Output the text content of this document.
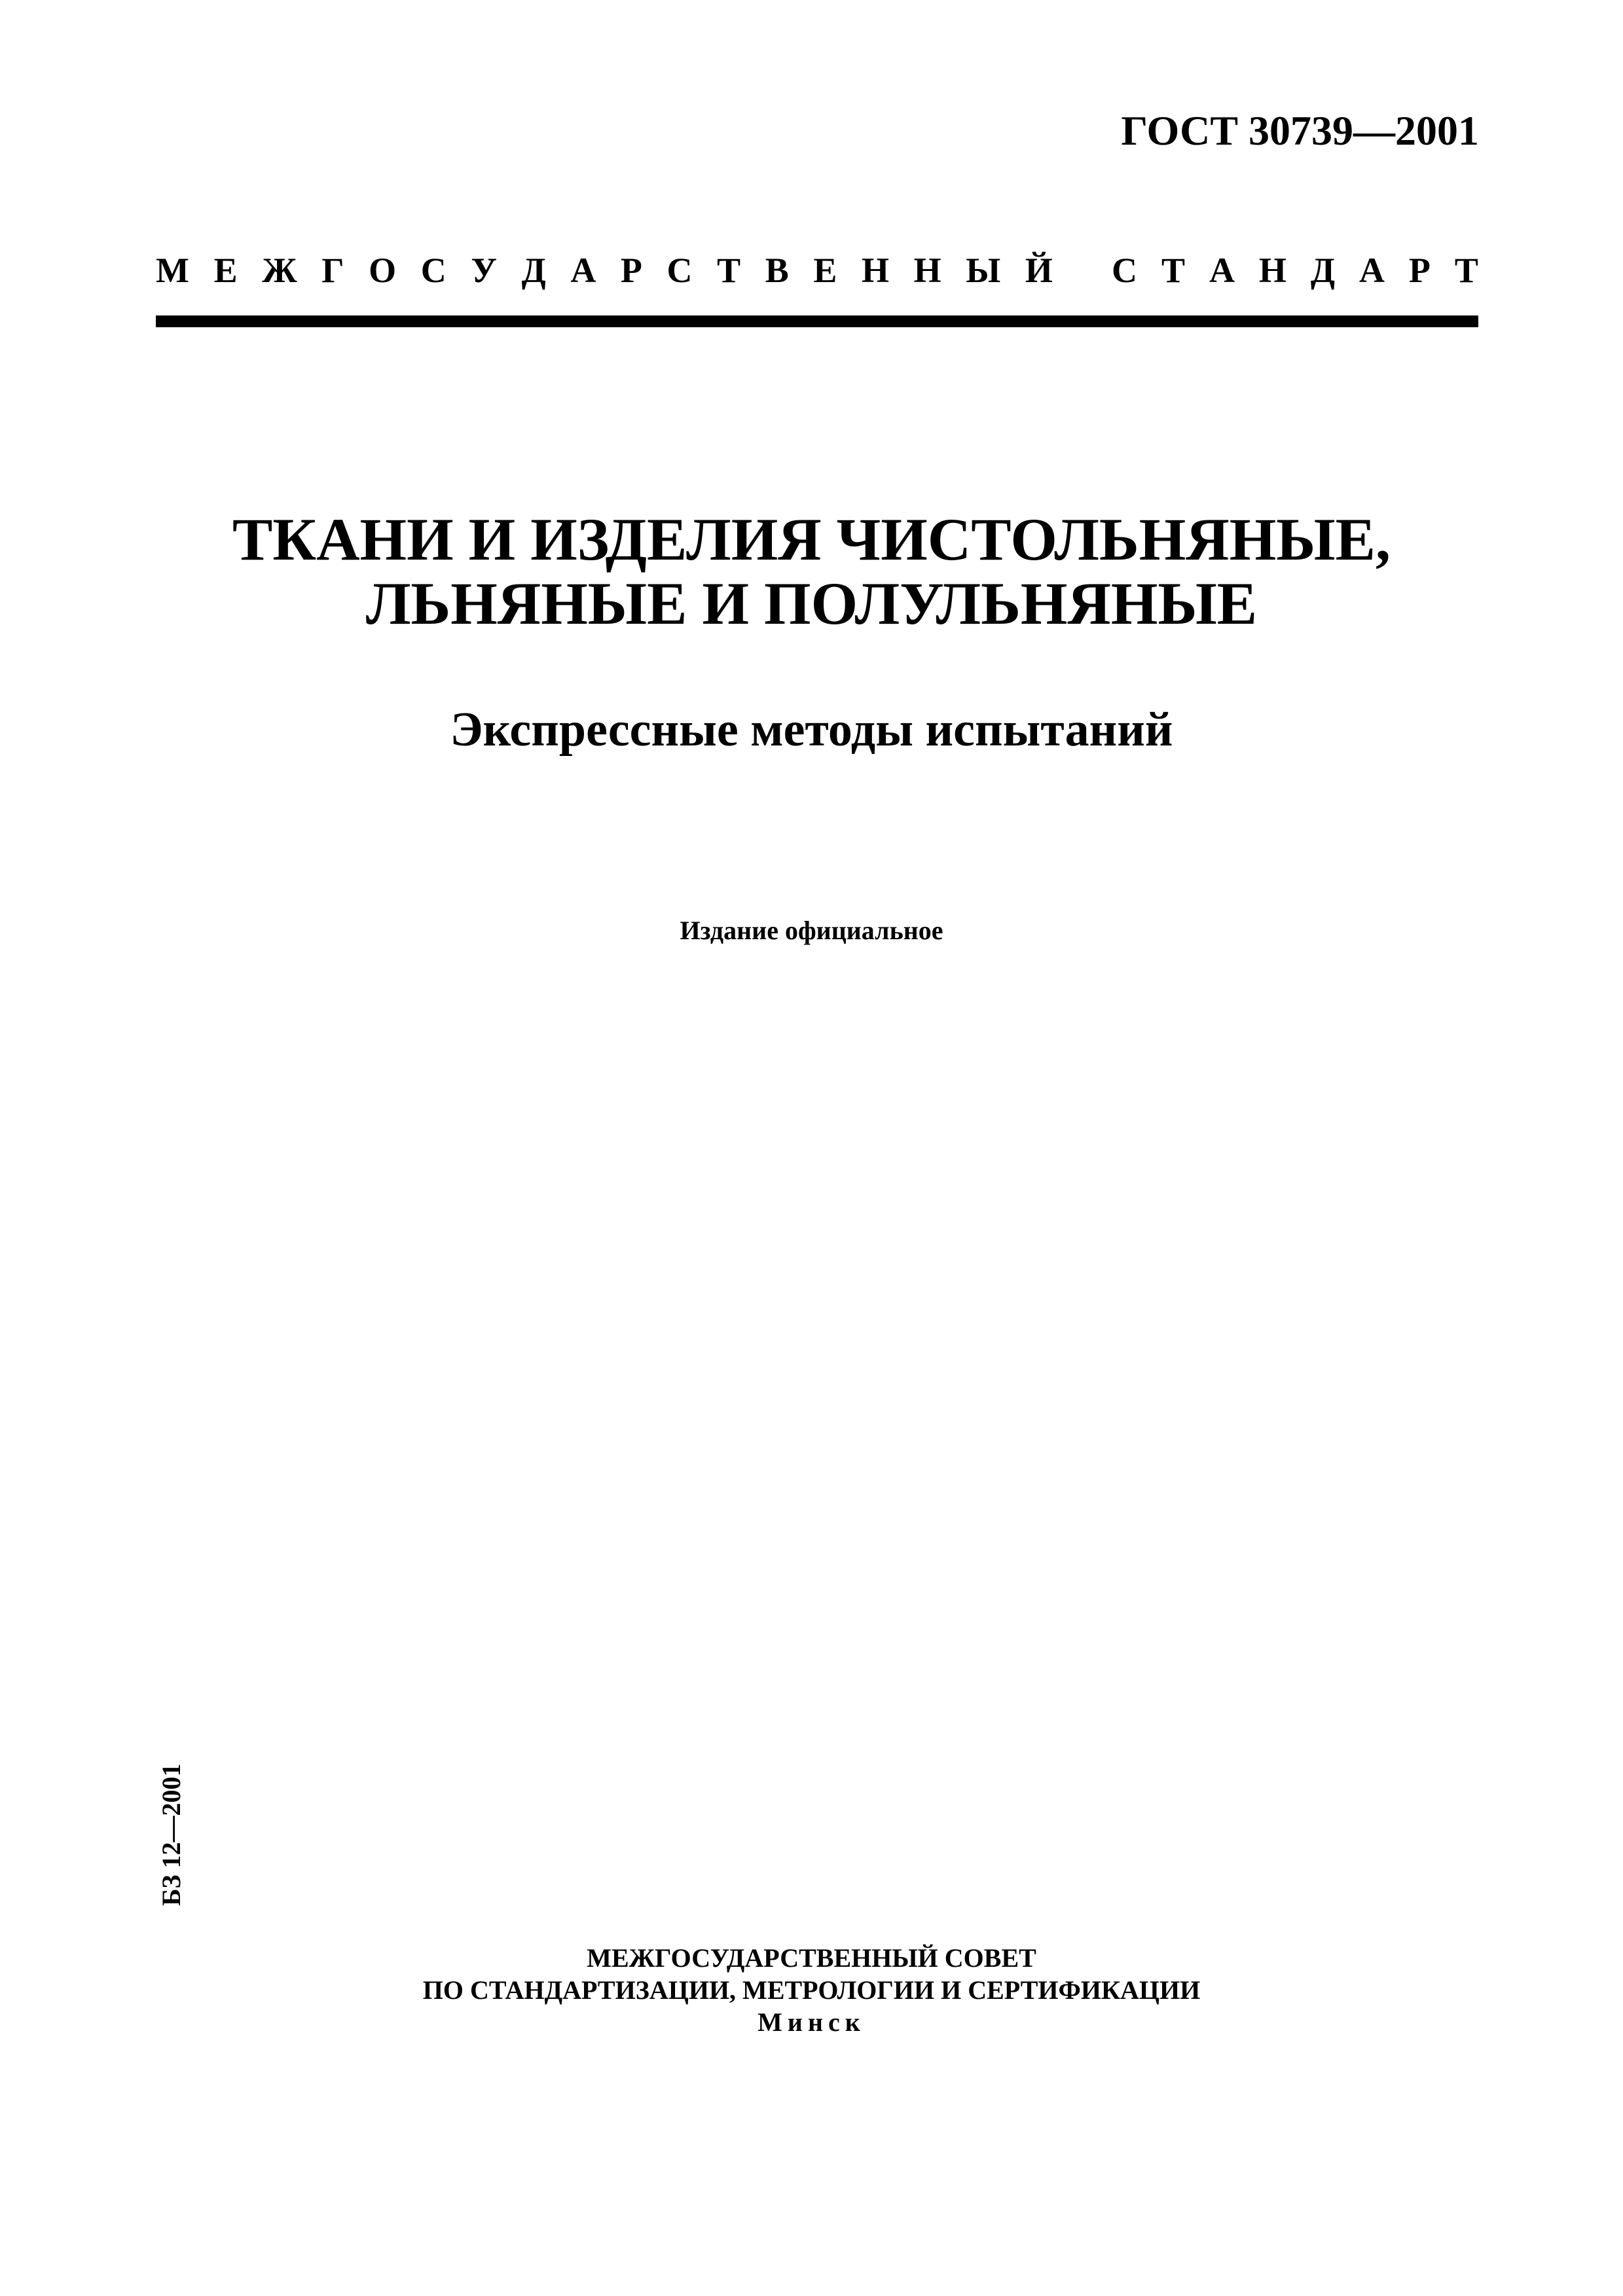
ГОСТ 30739—2001
М Е Ж Г О С У Д А Р С Т В Е Н Н Ы Й С Т А Н Д А Р Т
ТКАНИ И ИЗДЕЛИЯ ЧИСТОЛЬНЯНЫЕ,
ЛЬНЯНЫЕ И ПОЛУЛЬНЯНЫЕ
Экспрессные методы испытаний
Издание официальное
БЗ 12—2001
МЕЖГОСУДАРСТВЕННЫЙ СОВЕТ
ПО СТАНДАРТИЗАЦИИ, МЕТРОЛОГИИ И СЕРТИФИКАЦИИ
Минск
